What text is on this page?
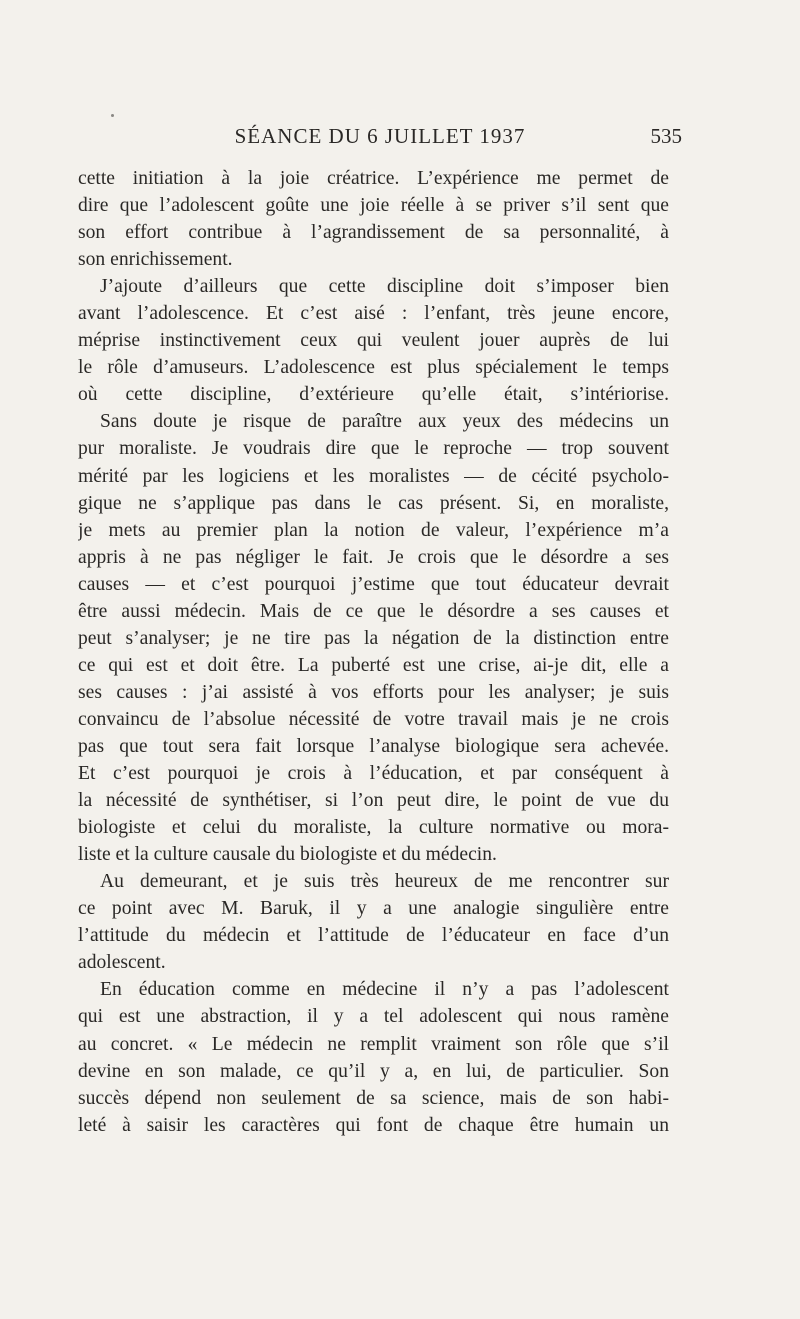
SÉANCE DU 6 JUILLET 1937	535
cette initiation à la joie créatrice. L’expérience me permet de
dire que l’adolescent goûte une joie réelle à se priver s’il sent que
son effort contribue à l’agrandissement de sa personnalité, à
son enrichissement.
J’ajoute d’ailleurs que cette discipline doit s’imposer bien
avant l’adolescence. Et c’est aisé : l’enfant, très jeune encore,
méprise instinctivement ceux qui veulent jouer auprès de lui
le rôle d’amuseurs. L’adolescence est plus spécialement le temps
où cette discipline, d’extérieure qu’elle était, s’intériorise.
Sans doute je risque de paraître aux yeux des médecins un
pur moraliste. Je voudrais dire que le reproche — trop souvent
mérité par les logiciens et les moralistes — de cécité psycholo-
gique ne s’applique pas dans le cas présent. Si, en moraliste,
je mets au premier plan la notion de valeur, l’expérience m’a
appris à ne pas négliger le fait. Je crois que le désordre a ses
causes — et c’est pourquoi j’estime que tout éducateur devrait
être aussi médecin. Mais de ce que le désordre a ses causes et
peut s’analyser; je ne tire pas la négation de la distinction entre
ce qui est et doit être. La puberté est une crise, ai-je dit, elle a
ses causes : j’ai assisté à vos efforts pour les analyser; je suis
convaincu de l’absolue nécessité de votre travail mais je ne crois
pas que tout sera fait lorsque l’analyse biologique sera achevée.
Et c’est pourquoi je crois à l’éducation, et par conséquent à
la nécessité de synthétiser, si l’on peut dire, le point de vue du
biologiste et celui du moraliste, la culture normative ou mora-
liste et la culture causale du biologiste et du médecin.
Au demeurant, et je suis très heureux de me rencontrer sur
ce point avec M. Baruk, il y a une analogie singulière entre
l’attitude du médecin et l’attitude de l’éducateur en face d’un
adolescent.
En éducation comme en médecine il n’y a pas l’adolescent
qui est une abstraction, il y a tel adolescent qui nous ramène
au concret. « Le médecin ne remplit vraiment son rôle que s’il
devine en son malade, ce qu’il y a, en lui, de particulier. Son
succès dépend non seulement de sa science, mais de son habi-
leté à saisir les caractères qui font de chaque être humain un
